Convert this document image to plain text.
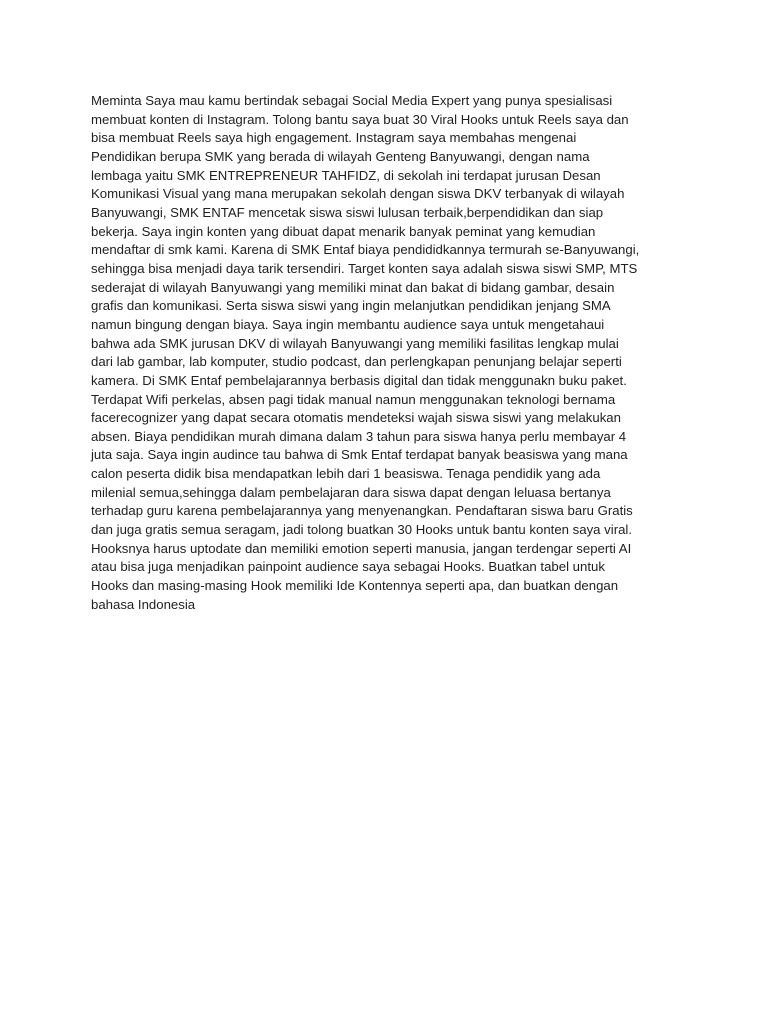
Meminta Saya mau kamu bertindak sebagai Social Media Expert yang punya spesialisasi
membuat konten di Instagram. Tolong bantu saya buat 30 Viral Hooks untuk Reels saya dan
bisa membuat Reels saya high engagement. Instagram saya membahas mengenai
Pendidikan berupa SMK yang berada di wilayah Genteng Banyuwangi, dengan nama
lembaga yaitu SMK ENTREPRENEUR TAHFIDZ, di sekolah ini terdapat jurusan Desan
Komunikasi Visual yang mana merupakan sekolah dengan siswa DKV terbanyak di wilayah
Banyuwangi, SMK ENTAF mencetak siswa siswi lulusan terbaik,berpendidikan dan siap
bekerja. Saya ingin konten yang dibuat dapat menarik banyak peminat yang kemudian
mendaftar di smk kami. Karena di SMK Entaf biaya pendididkannya termurah se-Banyuwangi,
sehingga bisa menjadi daya tarik tersendiri. Target konten saya adalah siswa siswi SMP, MTS
sederajat di wilayah Banyuwangi yang memiliki minat dan bakat di bidang gambar, desain
grafis dan komunikasi. Serta siswa siswi yang ingin melanjutkan pendidikan jenjang SMA
namun bingung dengan biaya. Saya ingin membantu audience saya untuk mengetahaui
bahwa ada SMK jurusan DKV di wilayah Banyuwangi yang memiliki fasilitas lengkap mulai
dari lab gambar, lab komputer, studio podcast, dan perlengkapan penunjang belajar seperti
kamera. Di SMK Entaf pembelajarannya berbasis digital dan tidak menggunakn buku paket.
Terdapat Wifi perkelas, absen pagi tidak manual namun menggunakan teknologi bernama
facerecognizer yang dapat secara otomatis mendeteksi wajah siswa siswi yang melakukan
absen. Biaya pendidikan murah dimana dalam 3 tahun para siswa hanya perlu membayar 4
juta saja. Saya ingin audince tau bahwa di Smk Entaf terdapat banyak beasiswa yang mana
calon peserta didik bisa mendapatkan lebih dari 1 beasiswa. Tenaga pendidik yang ada
milenial semua,sehingga dalam pembelajaran dara siswa dapat dengan leluasa bertanya
terhadap guru karena pembelajarannya yang menyenangkan. Pendaftaran siswa baru Gratis
dan juga gratis semua seragam, jadi tolong buatkan 30 Hooks untuk bantu konten saya viral.
Hooksnya harus uptodate dan memiliki emotion seperti manusia, jangan terdengar seperti AI
atau bisa juga menjadikan painpoint audience saya sebagai Hooks. Buatkan tabel untuk
Hooks dan masing-masing Hook memiliki Ide Kontennya seperti apa, dan buatkan dengan
bahasa Indonesia
